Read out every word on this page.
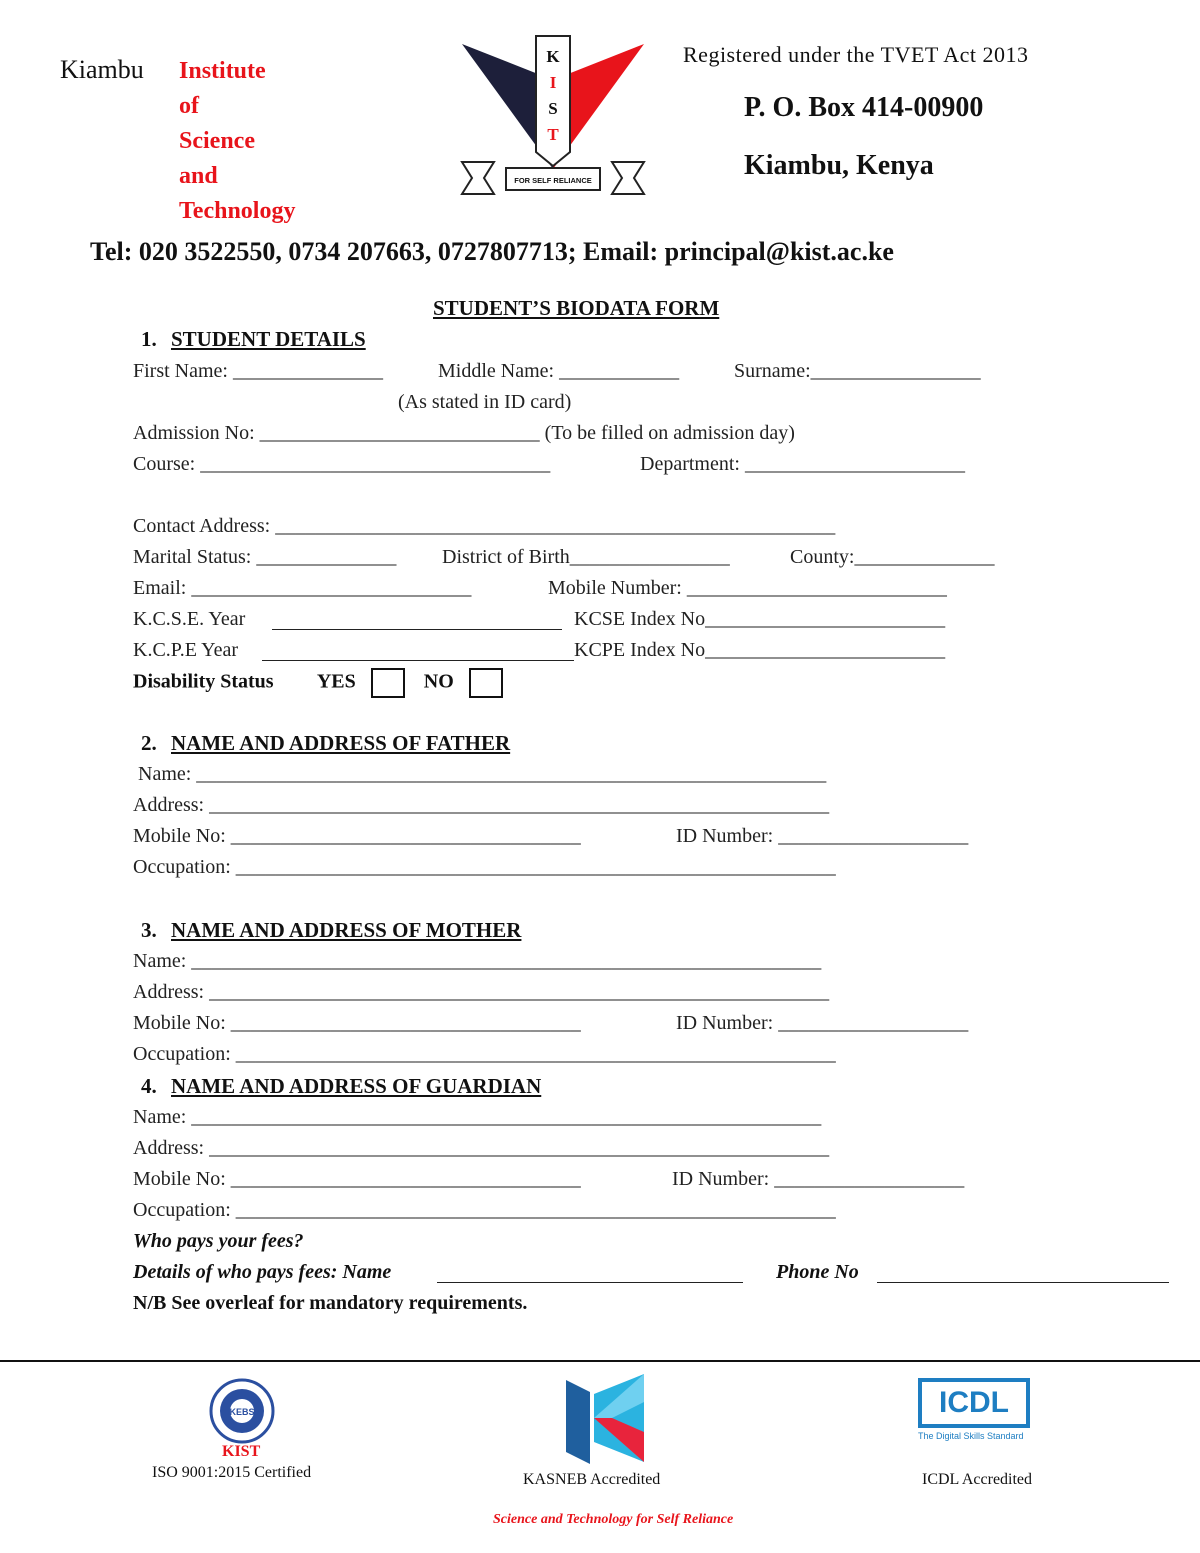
Kiambu Institute
of
Science
and
Technology
K
I
S
T
FOR SELF RELIANCE
Registered under the TVET Act 2013
P. O. Box 414-00900
Kiambu, Kenya
Tel: 020 3522550, 0734 207663, 0727807713; Email: principal@kist.ac.ke
STUDENT’S BIODATA FORM
1. STUDENT DETAILS
First Name: _______________	Middle Name: ____________	Surname:_________________
(As stated in ID card)
Admission No: ____________________________ (To be filled on admission day)
Course: ___________________________________	Department: ______________________
Contact Address: ________________________________________________________
Marital Status: ______________ District of Birth________________	County:______________
Email: ____________________________	Mobile Number: __________________________
K.C.S.E. Year	KCSE Index No________________________
K.C.P.E Year	KCPE Index No________________________
Disability Status YES	NO
2. NAME AND ADDRESS OF FATHER
Name: _______________________________________________________________
Address: ______________________________________________________________
Mobile No: ___________________________________	ID Number: ___________________
Occupation: ____________________________________________________________
3. NAME AND ADDRESS OF MOTHER
Name: _______________________________________________________________
Address: ______________________________________________________________
Mobile No: ___________________________________	ID Number: ___________________
Occupation: ____________________________________________________________
4. NAME AND ADDRESS OF GUARDIAN
Name: _______________________________________________________________
Address: ______________________________________________________________
Mobile No: ___________________________________	ID Number: ___________________
Occupation: ____________________________________________________________
Who pays your fees?
Details of who pays fees: Name	Phone No
N/B See overleaf for mandatory requirements.
KEBS
KIST
ISO 9001:2015 Certified	KASNEB Accredited
ICDL
The Digital Skills Standard
ICDL Accredited
Science and Technology for Self Reliance
